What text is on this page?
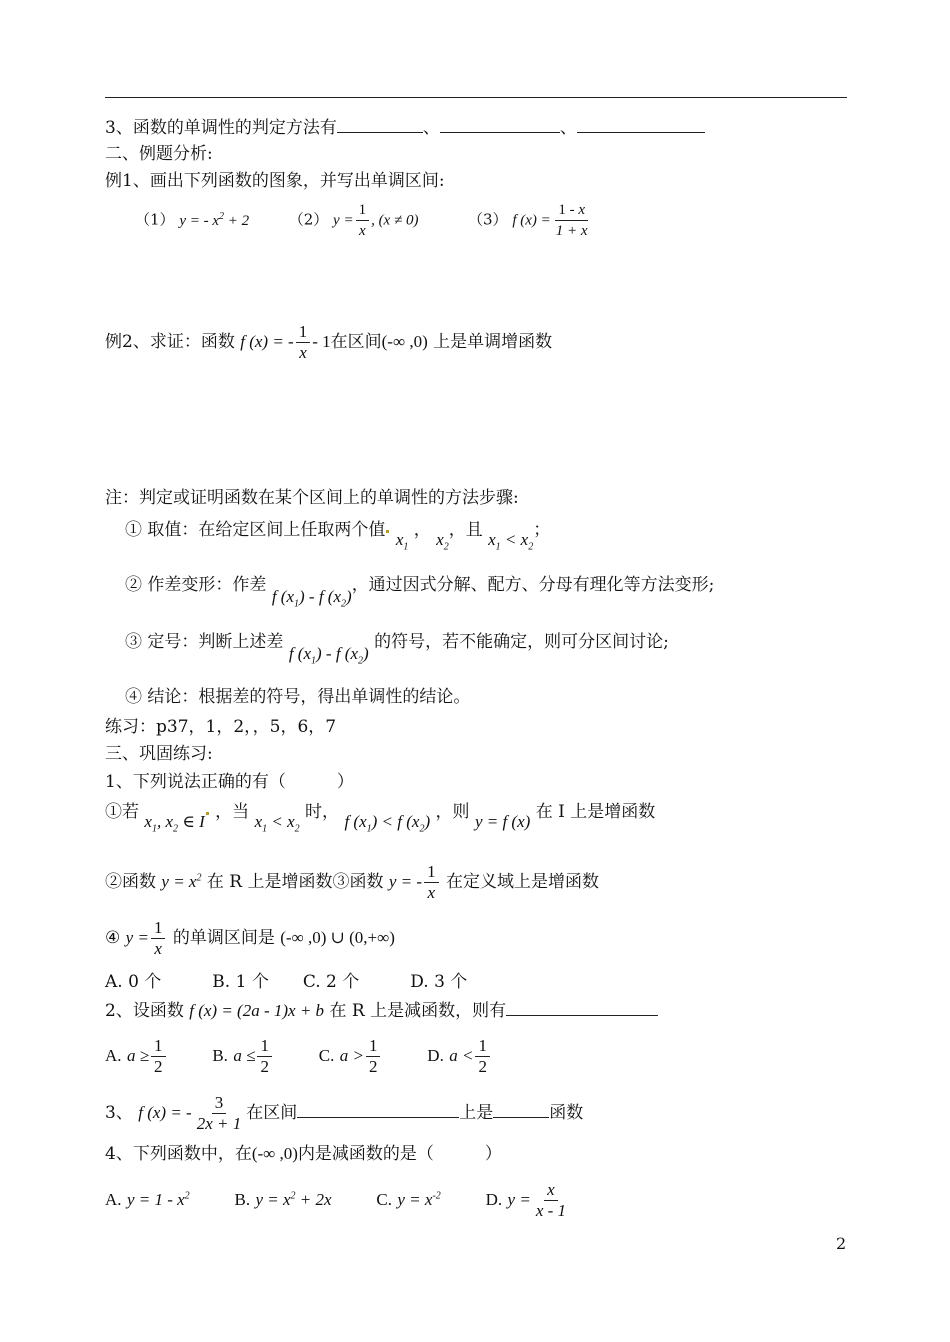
3、函数的单调性的判定方法有	、	、
二、例题分析:
例1、画出下列函数的图象，并写出单调区间:
（1） y = - $x^2 + 2$	（2） $y = \frac{1}{x}$ , (x ≠ 0)	（3） f $(x) = \frac{1 - x}{1 + x}$
例2、求证：函数 f (x) = - $\frac{1}{x} - 1$在区间(-∞ ,0) 上是单调增函数
注：判定或证明函数在某个区间上的单调性的方法步骤:
① 取值：在给定区间上任取两个值 $x_1$ ， $x_2$，且 $x_1 < x_2$；
② 作差变形：作差 f $(x_1)$ - f $(x_2)$，通过因式分解、配方、分母有理化等方法变形;
③ 定号：判断上述差 f $(x_1)$ - f $(x_2)$ 的符号，若不能确定，则可分区间讨论;
④ 结论：根据差的符号，得出单调性的结论。
练习：p37，1，2，，5，6，7
三、巩固练习:
1、下列说法正确的有（　　　）
①若 $x_1$, $x_2$ ∈ I ，当 $x_1 < x_2$ 时， f $(x_1) < f$ $(x_2)$ ，则 y = f (x) 在 I 上是增函数
②函数 $y = x^2$ 在 R 上是增函数③函数 y = - $\frac{1}{x}$ 在定义域上是增函数
④ $y = \frac{1}{x}$ 的单调区间是 (-∞ ,0) ∪ (0,+∞)
A. 0 个　　　B. 1 个　　C. 2 个　　　D. 3 个
2、设函数 f (x) = (2a - 1)x + b 在 R 上是减函数，则有
A. $a \ge \frac{1}{2}$	B. $a \le \frac{1}{2}$	C. $a > \frac{1}{2}$	D. $a < \frac{1}{2}$
3、 f (x) = - $\frac{3}{2x + 1}$ 在区间	上是	函数
4、下列函数中，在(-∞ ,0)内是减函数的是（　　　）
A. $y = 1 - x^2$	B. $y = x^2 + 2x$	C. $y = x^{-2}$	D. $y = \frac{x}{x - 1}$
2
